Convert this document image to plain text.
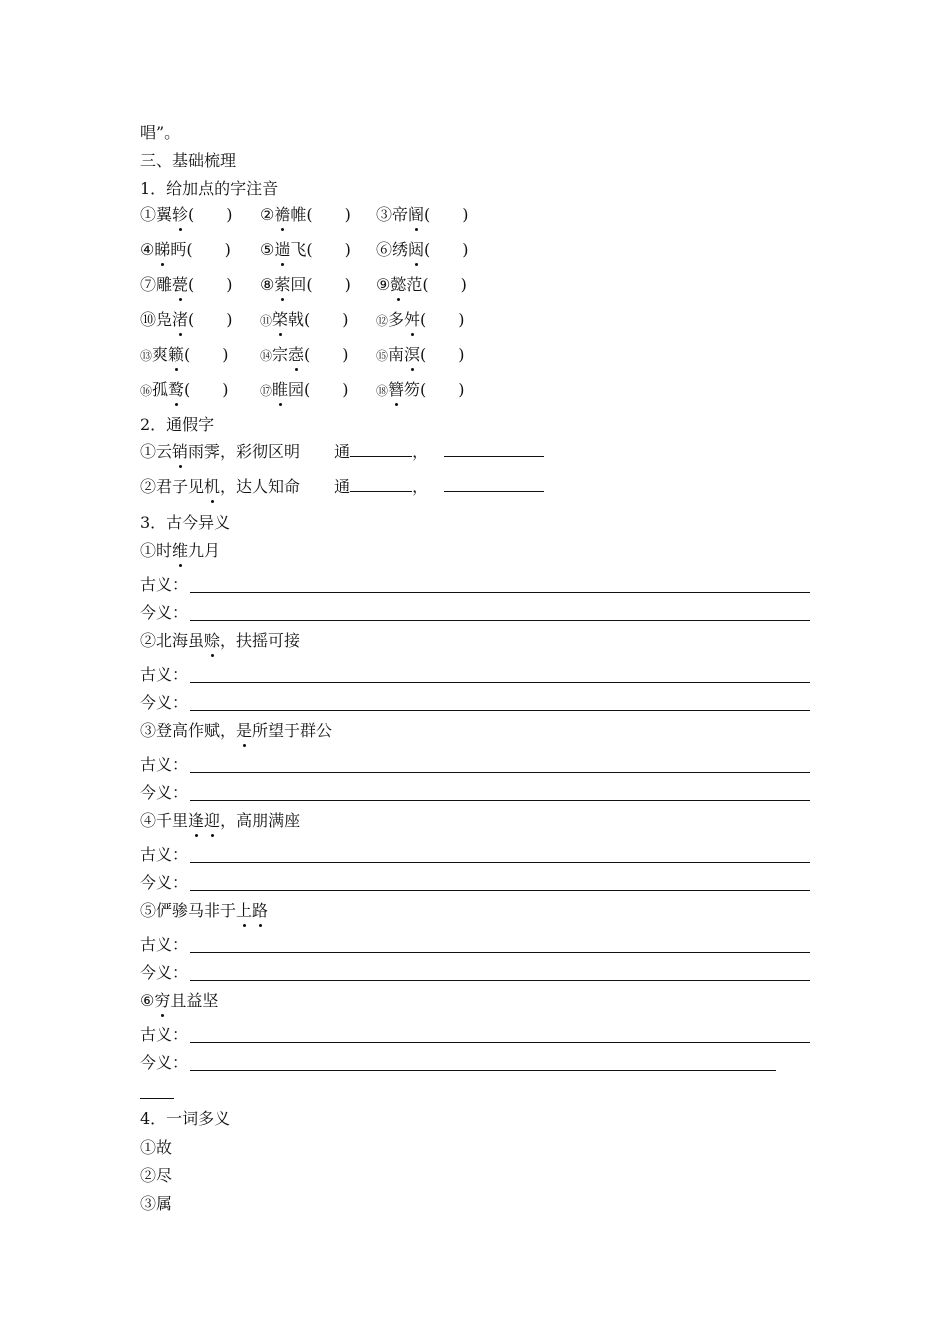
唱”。
三、基础梳理
1．给加点的字注音
①翼轸(　　) ②襜帷(　　) ③帝阍(　　)
④睇眄(　　) ⑤遄飞(　　) ⑥绣闼(　　)
⑦雕甍(　　) ⑧萦回(　　) ⑨懿范(　　)
⑩凫渚(　　) ⑪棨戟(　　) ⑫多舛(　　)
⑬爽籁(　　)	⑭宗悫(　　) ⑮南溟(　　)
⑯孤鹜(　　)	⑰睢园(　　) ⑱簪笏(　　)
2．通假字
①云销雨霁，彩彻区明 通	，
②君子见机，达人知命 通	，
3．古今异义
①时维九月
古义：
今义：
②北海虽赊，扶摇可接
古义：
今义：
③登高作赋，是所望于群公
古义：
今义：
④千里逢迎，高朋满座
古义：
今义：
⑤俨骖马非于上路
古义：
今义：
⑥穷且益坚
古义：
今义：
4．一词多义
①故
②尽
③属
